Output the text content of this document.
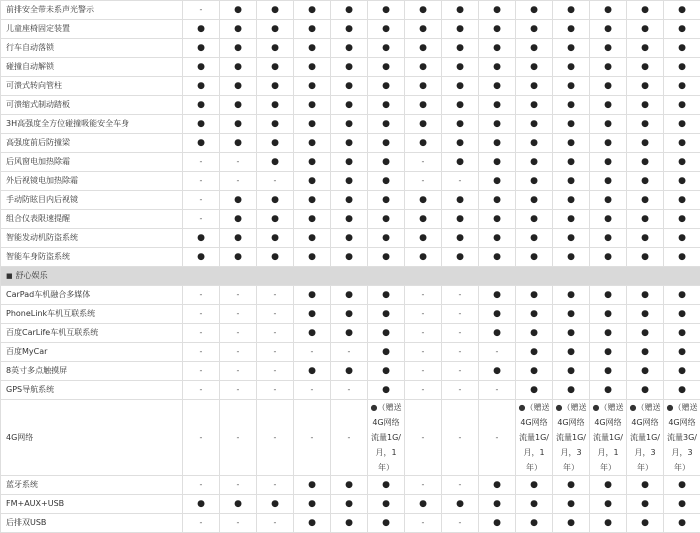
前排安全带未系声光警示	-	●	●	●	●	●	●	●	●	●	●	●	●	●
儿童座椅固定装置	●	●	●	●	●	●	●	●	●	●	●	●	●	●
行车自动落锁	●	●	●	●	●	●	●	●	●	●	●	●	●	●
碰撞自动解锁	●	●	●	●	●	●	●	●	●	●	●	●	●	●
可溃式转向管柱	●	●	●	●	●	●	●	●	●	●	●	●	●	●
可溃缩式制动踏板	●	●	●	●	●	●	●	●	●	●	●	●	●	●
3H高强度全方位碰撞吸能安全车身	●	●	●	●	●	●	●	●	●	●	●	●	●	●
高强度前后防撞梁	●	●	●	●	●	●	●	●	●	●	●	●	●	●
后风窗电加热除霜	-	-	●	●	●	●	-	●	●	●	●	●	●	●
外后视镜电加热除霜	-	-	-	●	●	●	-	-	●	●	●	●	●	●
手动防眩目内后视镜	-	●	●	●	●	●	●	●	●	●	●	●	●	●
组合仪表限速提醒	-	●	●	●	●	●	●	●	●	●	●	●	●	●
智能发动机防盗系统	●	●	●	●	●	●	●	●	●	●	●	●	●	●
智能车身防盗系统	●	●	●	●	●	●	●	●	●	●	●	●	●	●
■ 舒心娱乐														
CarPad车机融合多媒体	-	-	-	●	●	●	-	-	●	●	●	●	●	●
PhoneLink车机互联系统	-	-	-	●	●	●	-	-	●	●	●	●	●	●
百度CarLife车机互联系统	-	-	-	●	●	●	-	-	●	●	●	●	●	●
百度MyCar	-	-	-	-	-	●	-	-	-	●	●	●	●	●
8英寸多点触摸屏	-	-	-	●	●	●	-	-	●	●	●	●	●	●
GPS导航系统	-	-	-	-	-	●	-	-	-	●	●	●	●	●
4G网络	-	-	-	-	-	●（赠送4G网络流量1G/月，1年）	-	-	-	●（赠送4G网络流量1G/月，1年）	●（赠送4G网络流量1G/月，3年）	●（赠送4G网络流量1G/月，1年）	●（赠送4G网络流量1G/月，3年）	●（赠送4G网络流量3G/月，3年）

蓝牙系统	-	-	-	●	●	●	-	-	●	●	●	●	●	●
FM+AUX+USB	●	●	●	●	●	●	●	●	●	●	●	●	●	●
后排双USB	-	-	-	●	●	●	-	-	●	●	●	●	●	●
